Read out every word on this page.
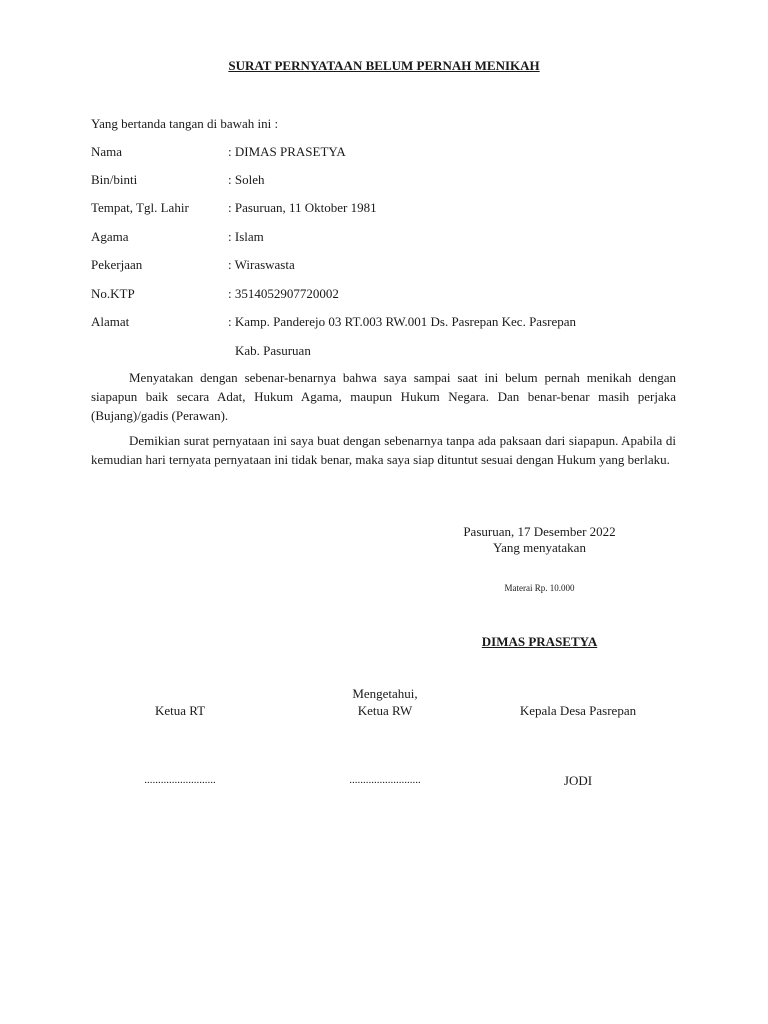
SURAT PERNYATAAN BELUM PERNAH MENIKAH
Yang bertanda tangan di bawah ini :
Nama	: DIMAS PRASETYA
Bin/binti	: Soleh
Tempat, Tgl. Lahir	: Pasuruan, 11 Oktober 1981
Agama	: Islam
Pekerjaan	: Wiraswasta
No.KTP	: 3514052907720002
Alamat	: Kamp. Panderejo 03 RT.003 RW.001 Ds. Pasrepan Kec. Pasrepan
Kab. Pasuruan
Menyatakan dengan sebenar-benarnya bahwa saya sampai saat ini belum pernah menikah dengan siapapun baik secara Adat, Hukum Agama, maupun Hukum Negara. Dan benar-benar masih perjaka (Bujang)/gadis (Perawan).
Demikian surat pernyataan ini saya buat dengan sebenarnya tanpa ada paksaan dari siapapun. Apabila di kemudian hari ternyata pernyataan ini tidak benar, maka saya siap dituntut sesuai dengan Hukum yang berlaku.
Pasuruan, 17 Desember 2022
Yang menyatakan
Materai Rp. 10.000
DIMAS PRASETYA
Mengetahui,
Ketua RT	Ketua RW	Kepala Desa Pasrepan
..........................	..........................	JODI
